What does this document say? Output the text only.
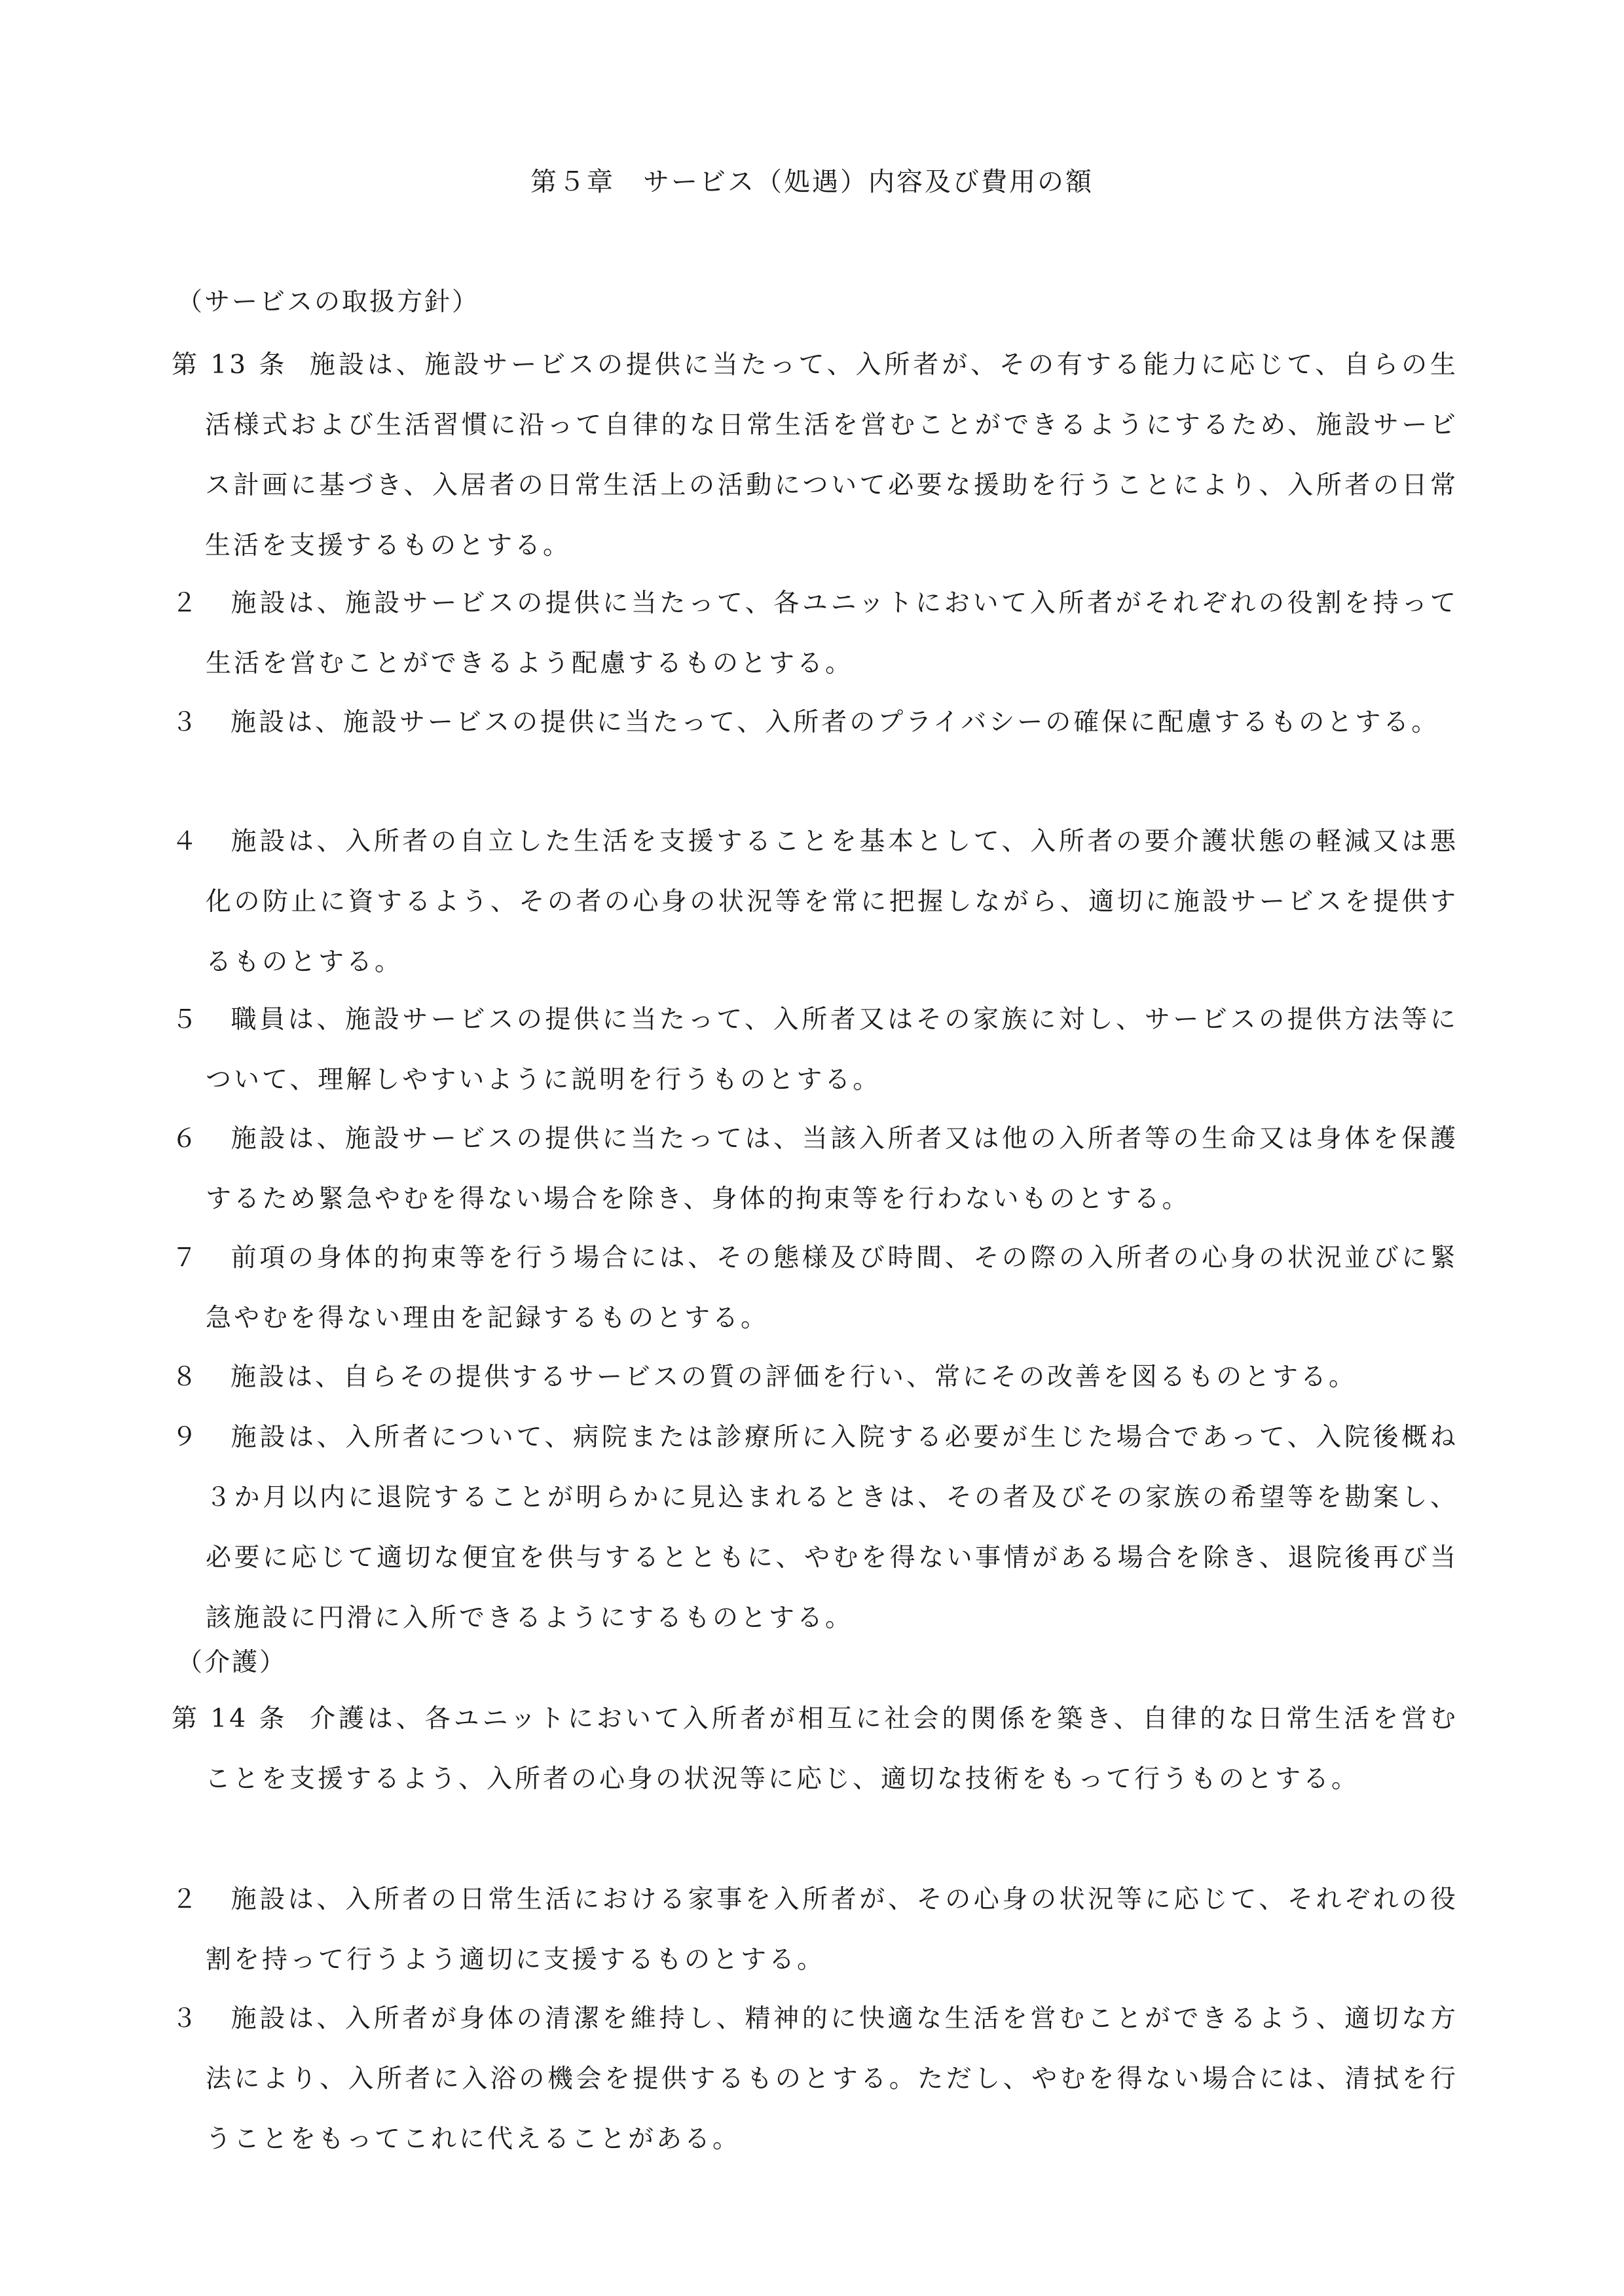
第５章　サービス（処遇）内容及び費用の額
（サービスの取扱方針）
第 13 条 施設は、施設サービスの提供に当たって、入所者が、その有する能力に応じて、自らの生活様式および生活習慣に沿って自律的な日常生活を営むことができるようにするため、施設サービス計画に基づき、入居者の日常生活上の活動について必要な援助を行うことにより、入所者の日常生活を支援するものとする。
２ 施設は、施設サービスの提供に当たって、各ユニットにおいて入所者がそれぞれの役割を持って生活を営むことができるよう配慮するものとする。
３ 施設は、施設サービスの提供に当たって、入所者のプライバシーの確保に配慮するものとする。
４ 施設は、入所者の自立した生活を支援することを基本として、入所者の要介護状態の軽減又は悪化の防止に資するよう、その者の心身の状況等を常に把握しながら、適切に施設サービスを提供するものとする。
５ 職員は、施設サービスの提供に当たって、入所者又はその家族に対し、サービスの提供方法等について、理解しやすいように説明を行うものとする。
６ 施設は、施設サービスの提供に当たっては、当該入所者又は他の入所者等の生命又は身体を保護するため緊急やむを得ない場合を除き、身体的拘束等を行わないものとする。
７ 前項の身体的拘束等を行う場合には、その態様及び時間、その際の入所者の心身の状況並びに緊急やむを得ない理由を記録するものとする。
８ 施設は、自らその提供するサービスの質の評価を行い、常にその改善を図るものとする。
９ 施設は、入所者について、病院または診療所に入院する必要が生じた場合であって、入院後概ね３か月以内に退院することが明らかに見込まれるときは、その者及びその家族の希望等を勘案し、必要に応じて適切な便宜を供与するとともに、やむを得ない事情がある場合を除き、退院後再び当該施設に円滑に入所できるようにするものとする。
（介護）
第 14 条 介護は、各ユニットにおいて入所者が相互に社会的関係を築き、自律的な日常生活を営むことを支援するよう、入所者の心身の状況等に応じ、適切な技術をもって行うものとする。
２ 施設は、入所者の日常生活における家事を入所者が、その心身の状況等に応じて、それぞれの役割を持って行うよう適切に支援するものとする。
３ 施設は、入所者が身体の清潔を維持し、精神的に快適な生活を営むことができるよう、適切な方法により、入所者に入浴の機会を提供するものとする。ただし、やむを得ない場合には、清拭を行うことをもってこれに代えることがある。
